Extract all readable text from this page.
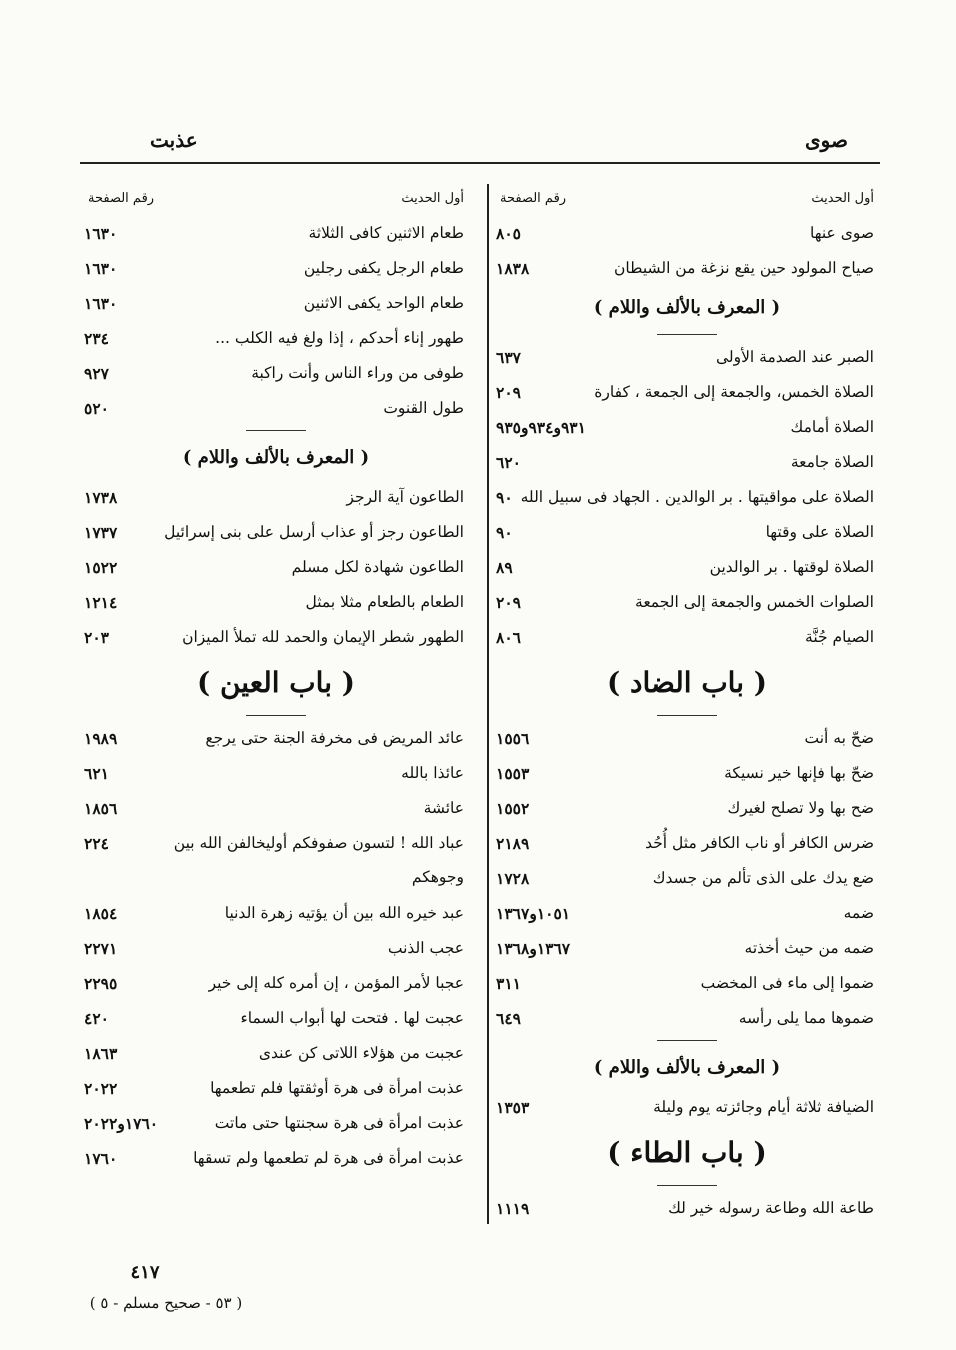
صوى
عذبت
أول الحديث
رقم الصفحة
صوى عنها
٨٠٥
صياح المولود حين يقع نزغة من الشيطان
١٨٣٨
( المعرف بالألف واللام )
الصبر عند الصدمة الأولى
٦٣٧
الصلاة الخمس، والجمعة إلى الجمعة ، كفارة
٢٠٩
الصلاة أمامك
٩٣١و٩٣٤و٩٣٥
الصلاة جامعة
٦٢٠
الصلاة على مواقيتها . بر الوالدين . الجهاد فى سبيل الله
٩٠
الصلاة على وقتها
٩٠
الصلاة لوقتها . بر الوالدين
٨٩
الصلوات الخمس والجمعة إلى الجمعة
٢٠٩
الصيام جُنَّة
٨٠٦
( باب الضاد )
ضحّ به أنت
١٥٥٦
ضحّ بها فإنها خير نسيكة
١٥٥٣
ضح بها ولا تصلح لغيرك
١٥٥٢
ضرس الكافر أو ناب الكافر مثل أُحُد
٢١٨٩
ضع يدك على الذى تألم من جسدك
١٧٢٨
ضمه
١٠٥١و١٣٦٧
ضمه من حيث أخذته
١٣٦٧و١٣٦٨
ضموا إلى ماء فى المخضب
٣١١
ضموها مما يلى رأسه
٦٤٩
( المعرف بالألف واللام )
الضيافة ثلاثة أيام وجائزته يوم وليلة
١٣٥٣
( باب الطاء )
طاعة الله وطاعة رسوله خير لك
١١١٩
أول الحديث
رقم الصفحة
طعام الاثنين كافى الثلاثة
١٦٣٠
طعام الرجل يكفى رجلين
١٦٣٠
طعام الواحد يكفى الاثنين
١٦٣٠
طهور إناء أحدكم ، إذا ولغ فيه الكلب ...
٢٣٤
طوفى من وراء الناس وأنت راكبة
٩٢٧
طول القنوت
٥٢٠
( المعرف بالألف واللام )
الطاعون آية الرجز
١٧٣٨
الطاعون رجز أو عذاب أرسل على بنى إسرائيل
١٧٣٧
الطاعون شهادة لكل مسلم
١٥٢٢
الطعام بالطعام مثلا بمثل
١٢١٤
الطهور شطر الإيمان والحمد لله تملأ الميزان
٢٠٣
( باب العين )
عائد المريض فى مخرفة الجنة حتى يرجع
١٩٨٩
عائذا بالله
٦٢١
عائشة
١٨٥٦
عباد الله ! لتسون صفوفكم أوليخالفن الله بين وجوهكم
٢٢٤
عبد خيره الله بين أن يؤتيه زهرة الدنيا
١٨٥٤
عجب الذنب
٢٢٧١
عجبا لأمر المؤمن ، إن أمره كله إلى خير
٢٢٩٥
عجبت لها . فتحت لها أبواب السماء
٤٢٠
عجبت من هؤلاء اللاتى كن عندى
١٨٦٣
عذبت امرأة فى هرة أوثقتها فلم تطعمها
٢٠٢٢
عذبت امرأة فى هرة سجنتها حتى ماتت
١٧٦٠و٢٠٢٢
عذبت امرأة فى هرة لم تطعمها ولم تسقها
١٧٦٠
٤١٧
( ٥٣ - صحيح مسلم - ٥ )
